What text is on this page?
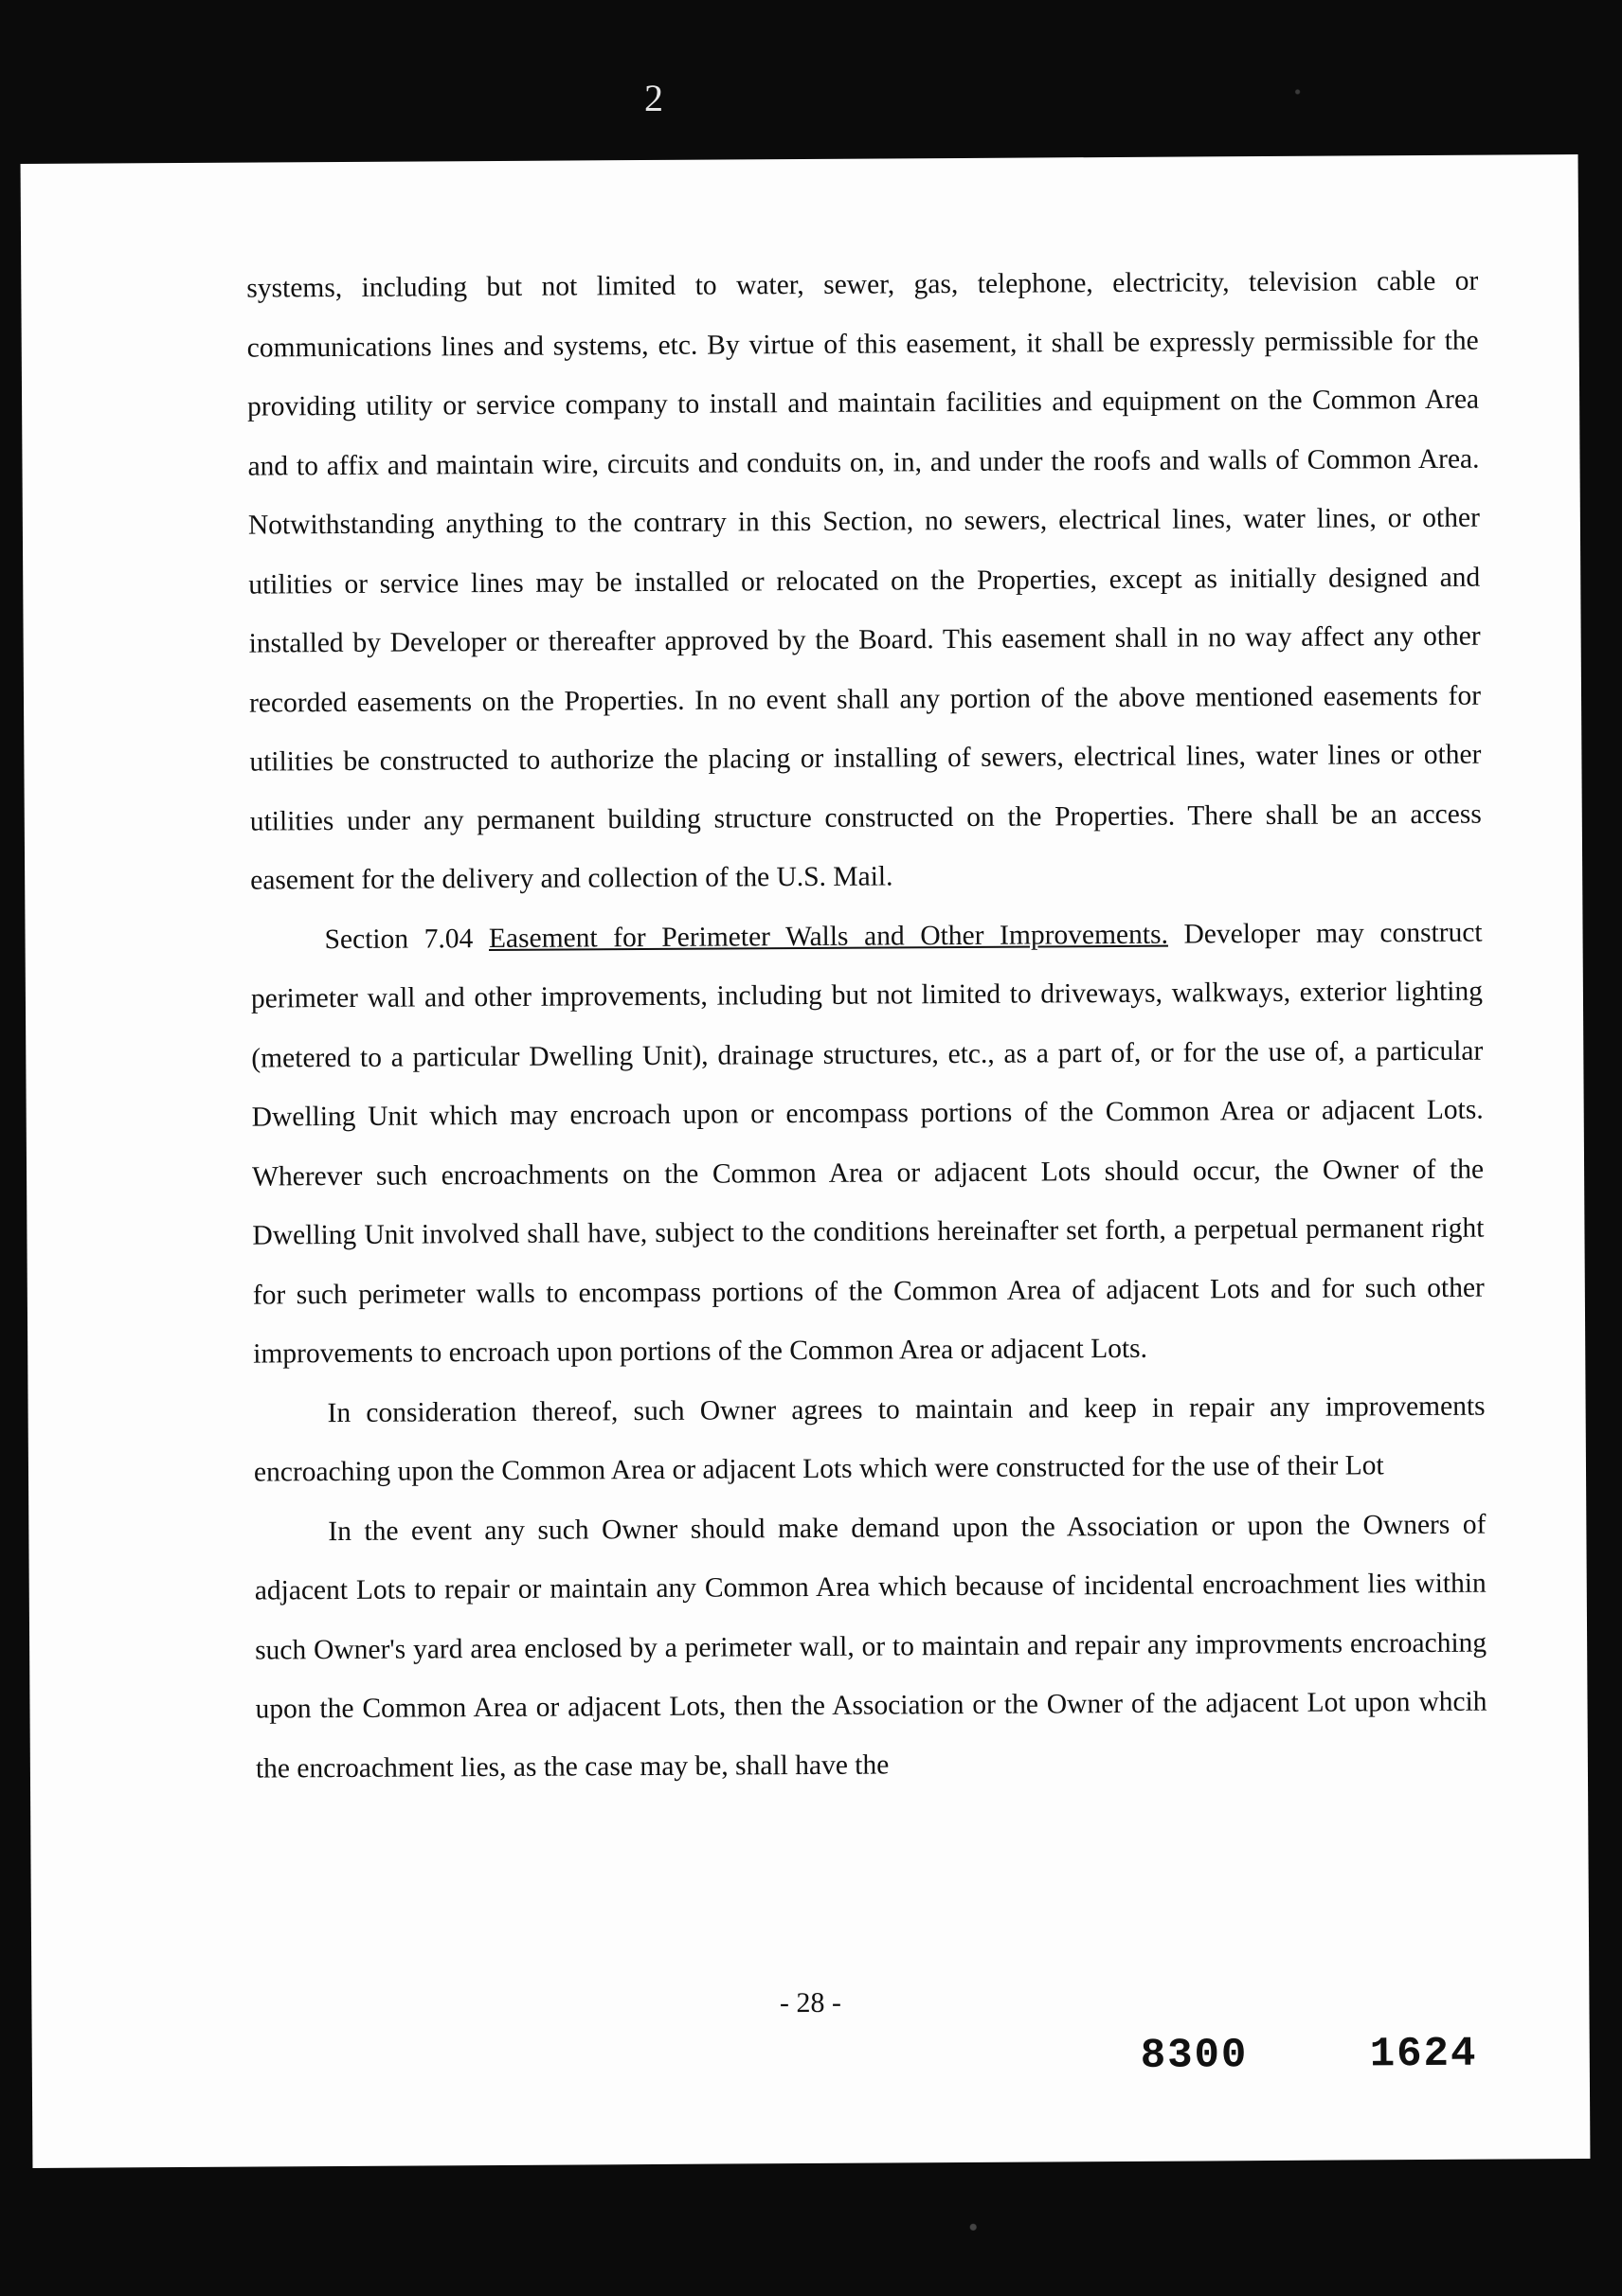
2

systems, including but not limited to water, sewer, gas, telephone, electricity, television cable or communications lines and systems, etc. By virtue of this easement, it shall be expressly permissible for the providing utility or service company to install and maintain facilities and equipment on the Common Area and to affix and maintain wire, circuits and conduits on, in, and under the roofs and walls of Common Area. Notwithstanding anything to the contrary in this Section, no sewers, electrical lines, water lines, or other utilities or service lines may be installed or relocated on the Properties, except as initially designed and installed by Developer or thereafter approved by the Board. This easement shall in no way affect any other recorded easements on the Properties. In no event shall any portion of the above mentioned easements for utilities be constructed to authorize the placing or installing of sewers, electrical lines, water lines or other utilities under any permanent building structure constructed on the Properties. There shall be an access easement for the delivery and collection of the U.S. Mail.

Section 7.04 Easement for Perimeter Walls and Other Improvements. Developer may construct perimeter wall and other improvements, including but not limited to driveways, walkways, exterior lighting (metered to a particular Dwelling Unit), drainage structures, etc., as a part of, or for the use of, a particular Dwelling Unit which may encroach upon or encompass portions of the Common Area or adjacent Lots. Wherever such encroachments on the Common Area or adjacent Lots should occur, the Owner of the Dwelling Unit involved shall have, subject to the conditions hereinafter set forth, a perpetual permanent right for such perimeter walls to encompass portions of the Common Area of adjacent Lots and for such other improvements to encroach upon portions of the Common Area or adjacent Lots.

In consideration thereof, such Owner agrees to maintain and keep in repair any improvements encroaching upon the Common Area or adjacent Lots which were constructed for the use of their Lot

In the event any such Owner should make demand upon the Association or upon the Owners of adjacent Lots to repair or maintain any Common Area which because of incidental encroachment lies within such Owner's yard area enclosed by a perimeter wall, or to maintain and repair any improvments encroaching upon the Common Area or adjacent Lots, then the Association or the Owner of the adjacent Lot upon whcih the encroachment lies, as the case may be, shall have the

- 28 -
8300	1624
